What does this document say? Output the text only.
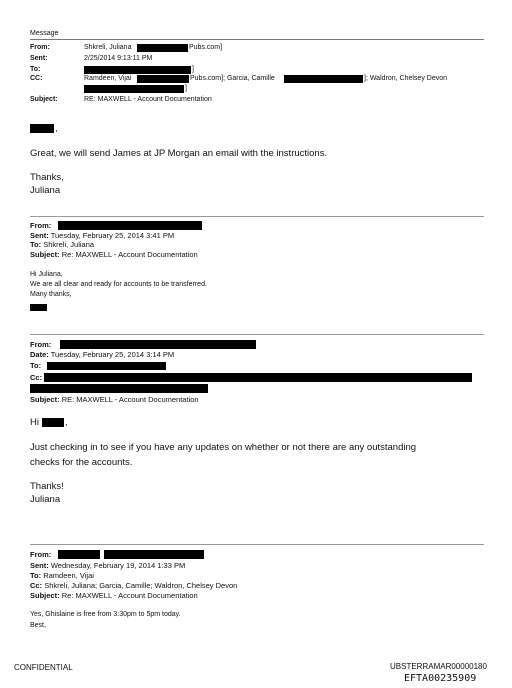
Message
From:	Shkreli, Juliana	Pubs.com]
Sent:	2/25/2014 9:13:11 PM
To:	]
CC:	Ramdeen, Vijai	Pubs.com]; Garcia, Camille	]; Waldron, Chelsey Devon
]
Subject:	RE: MAXWELL - Account Documentation
,
Great, we will send James at JP Morgan an email with the instructions.
Thanks,
Juliana
From:
Sent: Tuesday, February 25, 2014 3:41 PM
To: Shkreli, Juliana
Subject: Re: MAXWELL - Account Documentation
Hi Juliana,
We are all clear and ready for accounts to be transferred.
Many thanks,
From:
Date: Tuesday, February 25, 2014 3:14 PM
To:
Cc:
Subject: RE: MAXWELL - Account Documentation
Hi	,
Just checking in to see if you have any updates on whether or not there are any outstanding
checks for the accounts.
Thanks!
Juliana
From:
Sent: Wednesday, February 19, 2014 1:33 PM
To: Ramdeen, Vijai
Cc: Shkreli, Juliana; Garcia, Camille; Waldron, Chelsey Devon
Subject: Re: MAXWELL - Account Documentation
Yes, Ghislaine is free from 3:30pm to 5pm today.
Best,
CONFIDENTIAL	UBSTERRAMAR00000180
EFTA00235909
